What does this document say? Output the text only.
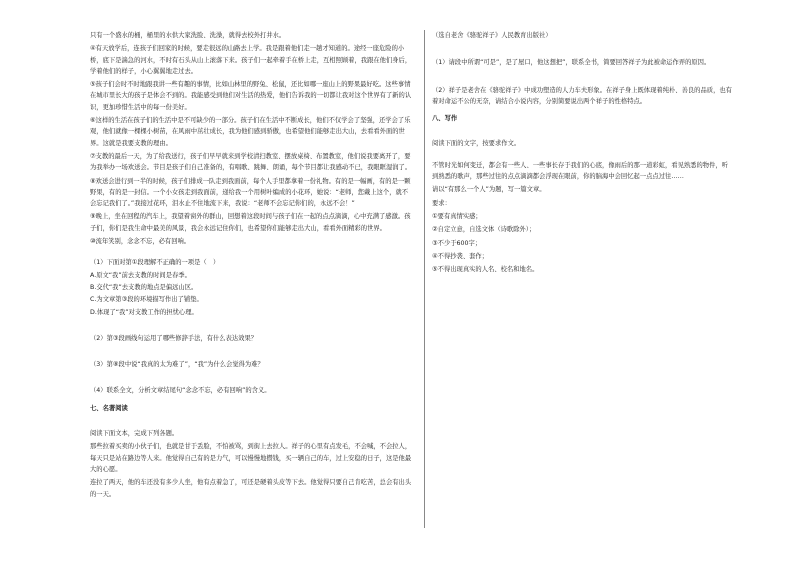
只有一个盛水的桶，桶里的水供大家洗脸、洗澡，就得去校外打井水。

④有天放学后，连孩子们回家的时候，要走很远的山路去上学。我是跟着他们走一趟才知道的。途经一座危险的小桥，底下是湍急的河水，不时有石头从山上滚落下来。孩子们一起牵着手在桥上走，互相照顾着，我跟在他们身后，学着他们的样子，小心翼翼地走过去。

⑤孩子们会时不时地跟我讲一些有趣的事情，比如山林里的野兔、松鼠，还比如哪一座山上的野果最好吃。这些事情在城市里长大的孩子是体会不到的。我能感受到他们对生活的热爱，他们告诉我的一切都让我对这个世界有了新的认识，更加珍惜生活中的每一份美好。

⑥这样的生活在孩子们的生活中是不可缺少的一部分。孩子们在生活中不断成长，他们不仅学会了坚强，还学会了乐观，他们就像一棵棵小树苗，在风雨中茁壮成长，我为他们感到骄傲，也希望他们能够走出大山，去看看外面的世界。这就是我要支教的理由。

⑦支教的最后一天，为了给我送行，孩子们早早就来到学校清扫教室、摆放桌椅、布置教室，他们说我要离开了，要为我举办一场欢送会。节目是孩子们自己准备的，有唱歌、跳舞、朗诵，每个节目都让我感动不已，我眼眶湿润了。

⑧欢送会进行到一半的时候，孩子们排成一队走到我面前，每个人手里都拿着一份礼物。有的是一幅画，有的是一颗野果，有的是一封信。一个小女孩走到我面前，递给我一个用树叶编成的小花环，她说：“老师，您戴上这个，就不会忘记我们了。”我接过花环，泪水止不住地流下来，我说：“老师不会忘记你们的，永远不会！”

⑨晚上，坐在回程的汽车上，我望着窗外的群山，回想着这段时间与孩子们在一起的点点滴滴，心中充满了感激。孩子们，你们是我生命中最美的风景，我会永远记住你们，也希望你们能够走出大山，看看外面精彩的世界。

⑩流年笑别，念念不忘，必有回响。

（1）下面对第①段理解不正确的一项是（　）

A.原文“我”前去支教的时间是春季。

B.交代“我”去支教的地点是偏远山区。

C.为文章第③段的环境描写作出了铺垫。

D.体现了“我”对支教工作的担忧心理。

（2）第③段画线句运用了哪些修辞手法，有什么表达效果？

（3）第⑧段中说“我真的太为难了”，“我”为什么会觉得为难？

（4）联系全文，分析文章结尾句“念念不忘，必有回响”的含义。

七、名著阅读

阅读下面文本，完成下列各题。

那些拉着买卖的小伙子们，也就是甘于丢脸，不怕被骂，到街上去拉人。祥子的心里有点发毛，不会喊，不会拉人，每天只是站在路边等人来。他觉得自己有的是力气，可以慢慢地攒钱，买一辆自己的车，过上安稳的日子，这是他最大的心愿。

连拉了两天，他的车还没有多少人坐，他有点着急了，可还是硬着头皮等下去。他觉得只要自己肯吃苦，总会有出头的一天。

（选自老舍《骆驼祥子》人民教育出版社）

（1）请段中所谓“可是”，是了屋口，他这想把”，联系全书，简要回答祥子为此被命运作弄的原因。

（2）祥子是老舍在《骆驼祥子》中成功塑造的人力车夫形象。在祥子身上既体现着纯朴、善良的品质，也有着对命运不公的无奈，请结合小说内容，分别简要说出两个祥子的性格特点。

八、写作

阅读下面的文字，按要求作文。

不管时光如何变迁，都会有一些人、一些事长存于我们的心底，像雨后的那一道彩虹，看见熟悉的物件，听到熟悉的歌声，那些过往的点点滴滴都会浮现在眼前，你的脑海中会回忆起一点点过往……

请以“有那么一个人”为题，写一篇文章。

要求：

①要有真情实感；

②自定立意，自选文体（诗歌除外）；

③不少于600字；

④不得抄袭、套作；

⑤不得出现真实的人名、校名和地名。
